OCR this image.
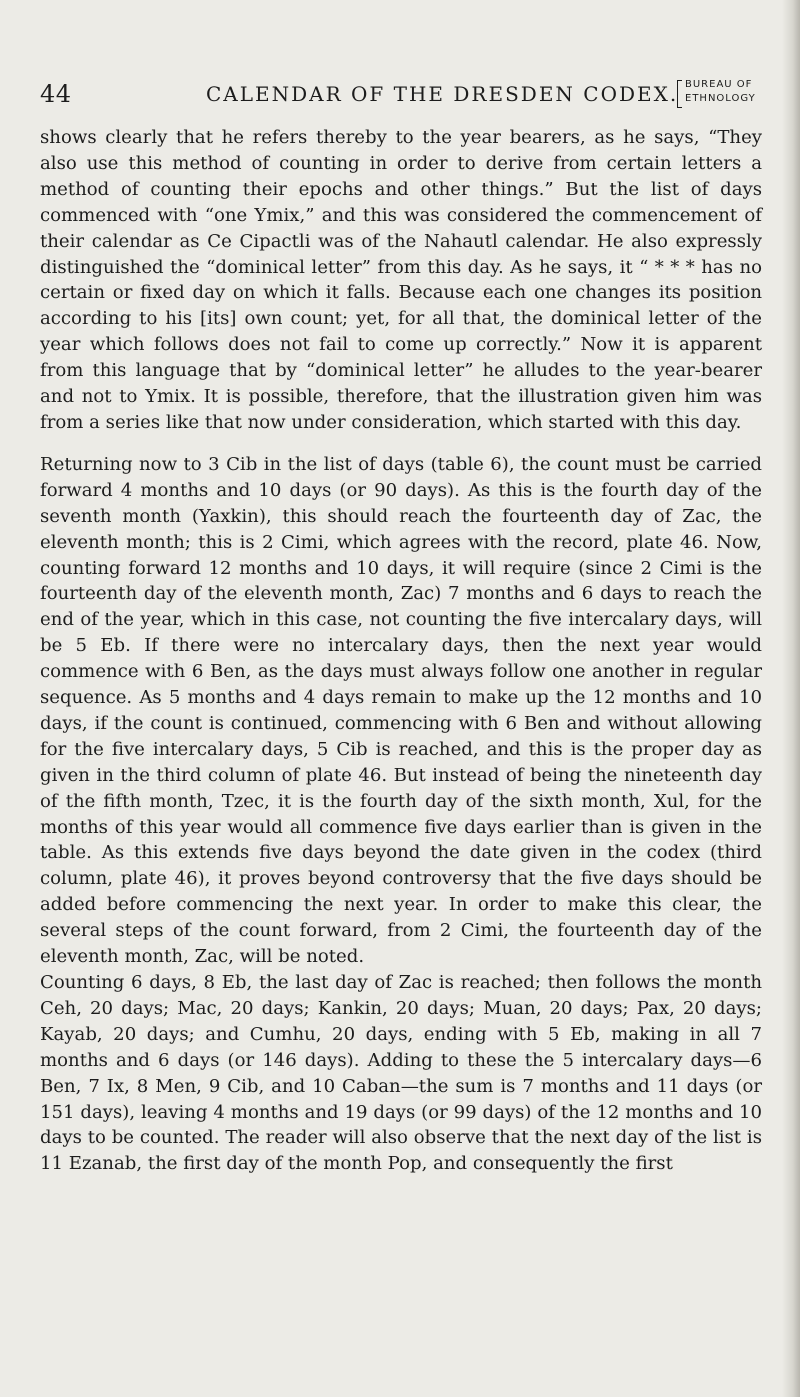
44	CALENDAR OF THE DRESDEN CODEX. BUREAU OF
ETHNOLOGY

shows clearly that he refers thereby to the year bearers, as he says, “They also use this method of counting in order to derive from certain letters a method of counting their epochs and other things.” But the list of days commenced with “one Ymix,” and this was considered the commencement of their calendar as Ce Cipactli was of the Nahautl calendar. He also expressly distinguished the “dominical letter” from this day. As he says, it “ * * * has no certain or fixed day on which it falls. Because each one changes its position according to his [its] own count; yet, for all that, the dominical letter of the year which follows does not fail to come up correctly.” Now it is apparent from this language that by “dominical letter” he alludes to the year-bearer and not to Ymix. It is possible, therefore, that the illustration given him was from a series like that now under consideration, which started with this day.

Returning now to 3 Cib in the list of days (table 6), the count must be carried forward 4 months and 10 days (or 90 days). As this is the fourth day of the seventh month (Yaxkin), this should reach the fourteenth day of Zac, the eleventh month; this is 2 Cimi, which agrees with the record, plate 46. Now, counting forward 12 months and 10 days, it will require (since 2 Cimi is the fourteenth day of the eleventh month, Zac) 7 months and 6 days to reach the end of the year, which in this case, not counting the five intercalary days, will be 5 Eb. If there were no intercalary days, then the next year would commence with 6 Ben, as the days must always follow one another in regular sequence. As 5 months and 4 days remain to make up the 12 months and 10 days, if the count is continued, commencing with 6 Ben and without allowing for the five intercalary days, 5 Cib is reached, and this is the proper day as given in the third column of plate 46. But instead of being the nineteenth day of the fifth month, Tzec, it is the fourth day of the sixth month, Xul, for the months of this year would all commence five days earlier than is given in the table. As this extends five days beyond the date given in the codex (third column, plate 46), it proves beyond controversy that the five days should be added before commencing the next year. In order to make this clear, the several steps of the count forward, from 2 Cimi, the fourteenth day of the eleventh month, Zac, will be noted.

Counting 6 days, 8 Eb, the last day of Zac is reached; then follows the month Ceh, 20 days; Mac, 20 days; Kankin, 20 days; Muan, 20 days; Pax, 20 days; Kayab, 20 days; and Cumhu, 20 days, ending with 5 Eb, making in all 7 months and 6 days (or 146 days). Adding to these the 5 intercalary days—6 Ben, 7 Ix, 8 Men, 9 Cib, and 10 Caban—the sum is 7 months and 11 days (or 151 days), leaving 4 months and 19 days (or 99 days) of the 12 months and 10 days to be counted. The reader will also observe that the next day of the list is 11 Ezanab, the first day of the month Pop, and consequently the first
